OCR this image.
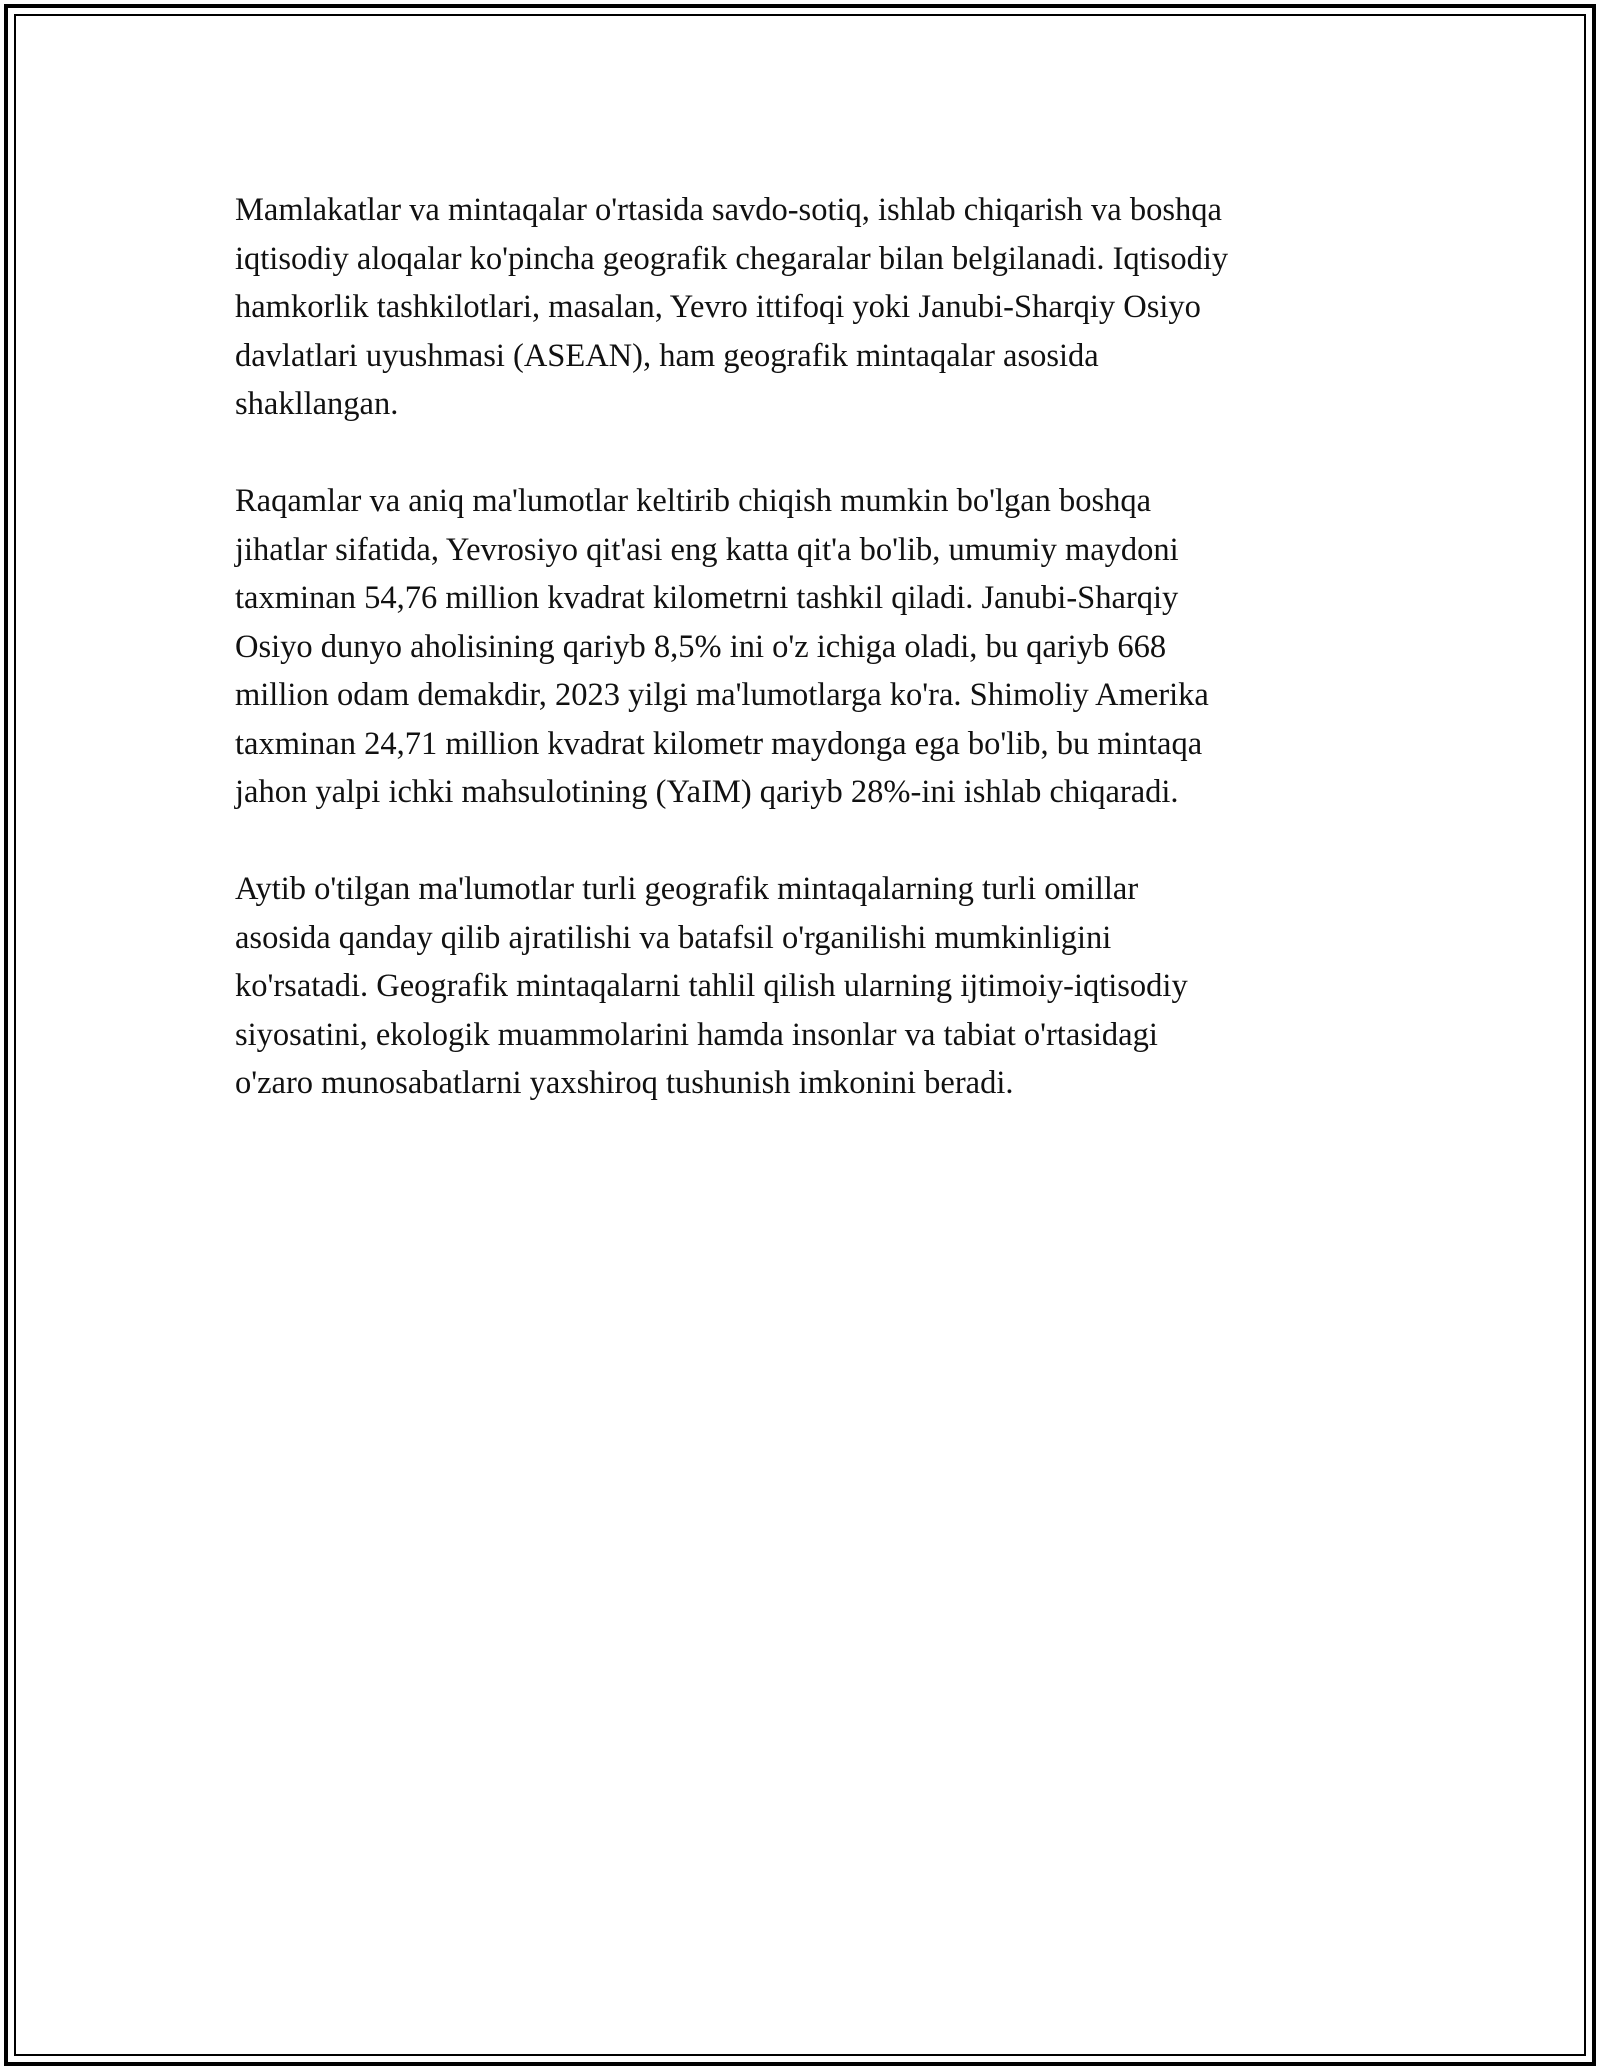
Mamlakatlar va mintaqalar o'rtasida savdo-sotiq, ishlab chiqarish va boshqa
iqtisodiy aloqalar ko'pincha geografik chegaralar bilan belgilanadi. Iqtisodiy
hamkorlik tashkilotlari, masalan, Yevro ittifoqi yoki Janubi-Sharqiy Osiyo
davlatlari uyushmasi (ASEAN), ham geografik mintaqalar asosida
shakllangan.

Raqamlar va aniq ma'lumotlar keltirib chiqish mumkin bo'lgan boshqa
jihatlar sifatida, Yevrosiyo qit'asi eng katta qit'a bo'lib, umumiy maydoni
taxminan 54,76 million kvadrat kilometrni tashkil qiladi. Janubi-Sharqiy
Osiyo dunyo aholisining qariyb 8,5% ini o'z ichiga oladi, bu qariyb 668
million odam demakdir, 2023 yilgi ma'lumotlarga ko'ra. Shimoliy Amerika
taxminan 24,71 million kvadrat kilometr maydonga ega bo'lib, bu mintaqa
jahon yalpi ichki mahsulotining (YaIM) qariyb 28%-ini ishlab chiqaradi.

Aytib o'tilgan ma'lumotlar turli geografik mintaqalarning turli omillar
asosida qanday qilib ajratilishi va batafsil o'rganilishi mumkinligini
ko'rsatadi. Geografik mintaqalarni tahlil qilish ularning ijtimoiy-iqtisodiy
siyosatini, ekologik muammolarini hamda insonlar va tabiat o'rtasidagi
o'zaro munosabatlarni yaxshiroq tushunish imkonini beradi.
